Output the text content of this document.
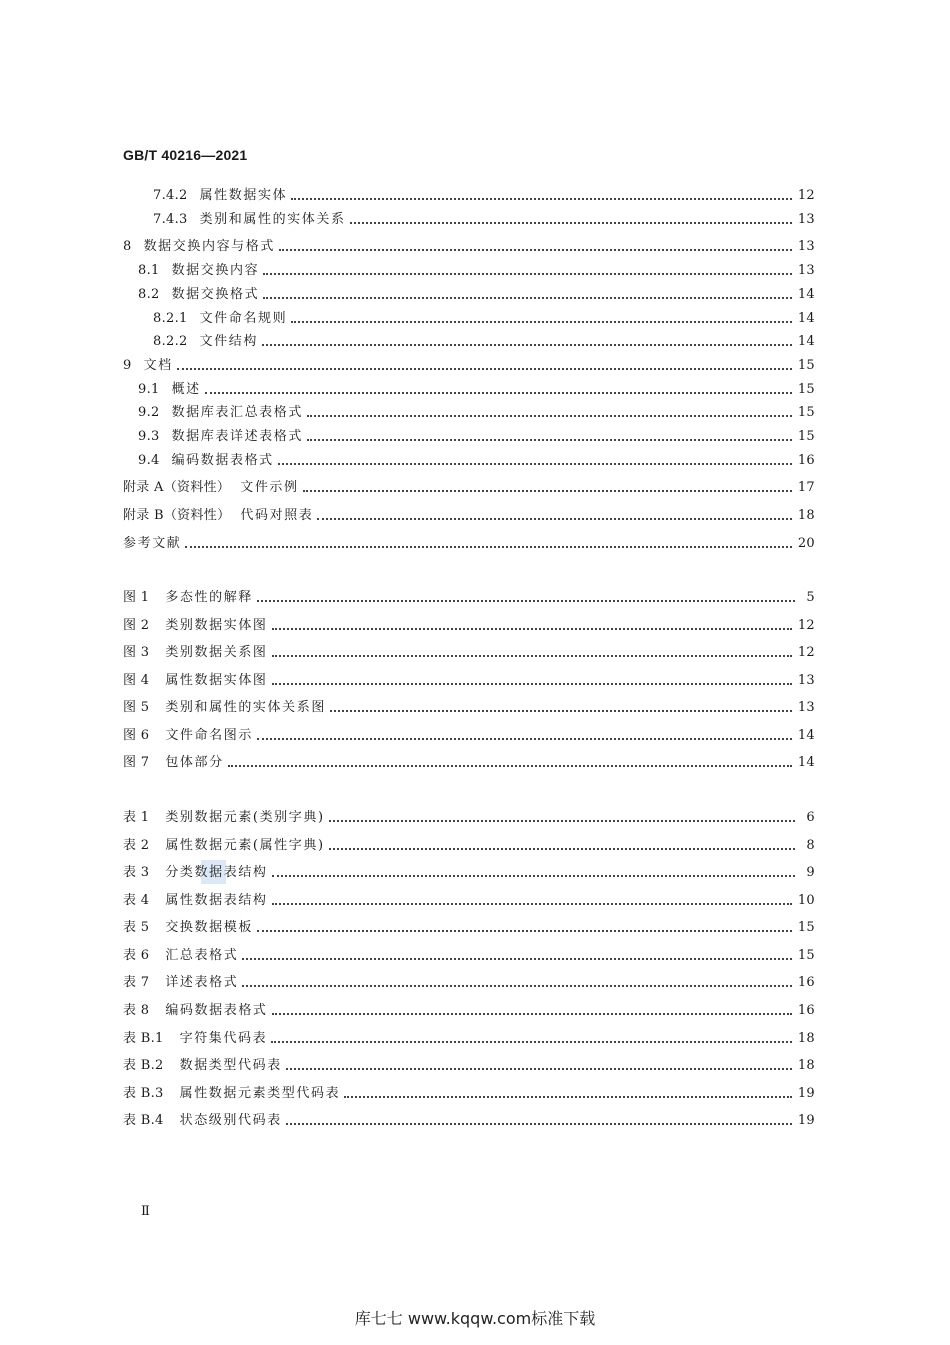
GB/T 40216—2021
7.4.2 属性数据实体	12
7.4.3 类别和属性的实体关系	13
8 数据交换内容与格式	13
8.1 数据交换内容	13
8.2 数据交换格式	14
8.2.1 文件命名规则	14
8.2.2 文件结构	14
9 文档	15
9.1 概述	15
9.2 数据库表汇总表格式	15
9.3 数据库表详述表格式	15
9.4 编码数据表格式	16
附录 A（资料性） 文件示例	17
附录 B（资料性） 代码对照表	18
参考文献	20
图 1 多态性的解释	5
图 2 类别数据实体图	12
图 3 类别数据关系图	12
图 4 属性数据实体图	13
图 5 类别和属性的实体关系图	13
图 6 文件命名图示	14
图 7 包体部分	14
表 1 类别数据元素(类别字典)	6
表 2 属性数据元素(属性字典)	8
表 3 分类数据表结构	9
表 4 属性数据表结构	10
表 5 交换数据模板	15
表 6 汇总表格式	15
表 7 详述表格式	16
表 8 编码数据表格式	16
表 B.1 字符集代码表	18
表 B.2 数据类型代码表	18
表 B.3 属性数据元素类型代码表	19
表 B.4 状态级别代码表	19
Ⅱ
库七七 www.kqqw.com标准下载
